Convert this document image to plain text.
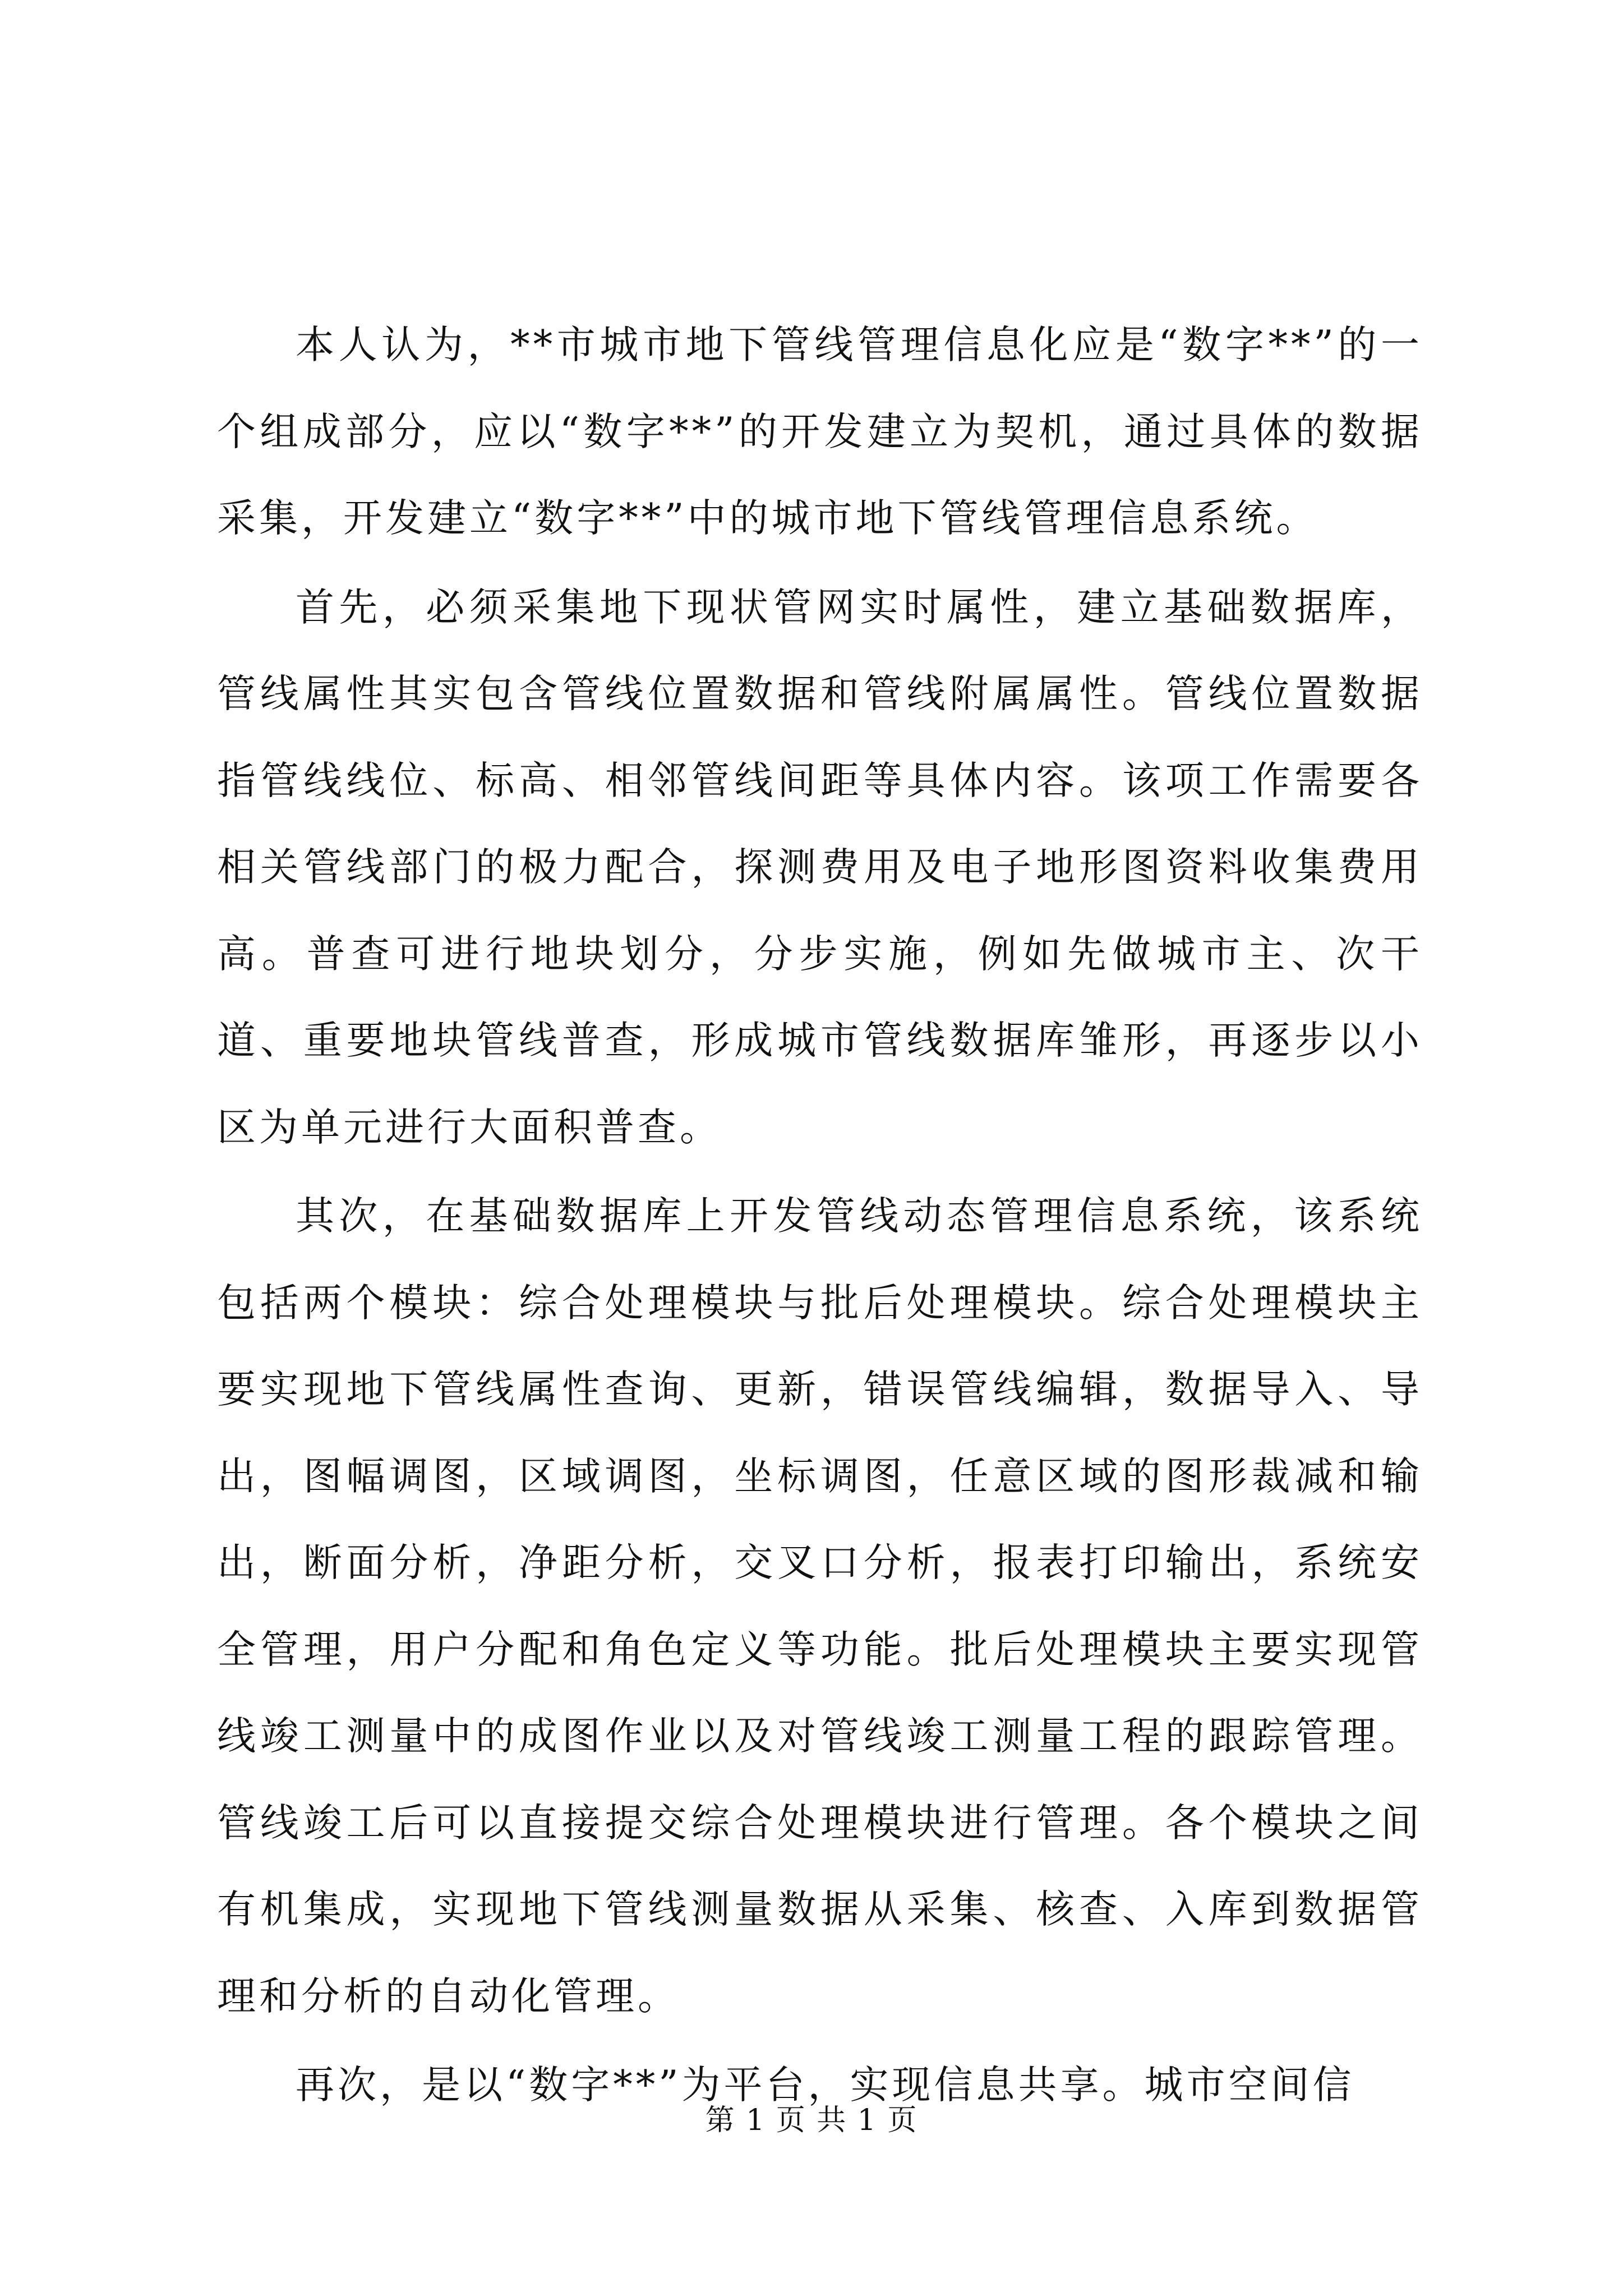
本人认为，**市城市地下管线管理信息化应是“数字**”的一个组成部分，应以“数字**”的开发建立为契机，通过具体的数据采集，开发建立“数字**”中的城市地下管线管理信息系统。

首先，必须采集地下现状管网实时属性，建立基础数据库，管线属性其实包含管线位置数据和管线附属属性。管线位置数据指管线线位、标高、相邻管线间距等具体内容。该项工作需要各相关管线部门的极力配合，探测费用及电子地形图资料收集费用高。普查可进行地块划分，分步实施，例如先做城市主、次干道、重要地块管线普查，形成城市管线数据库雏形，再逐步以小区为单元进行大面积普查。

其次，在基础数据库上开发管线动态管理信息系统，该系统包括两个模块：综合处理模块与批后处理模块。综合处理模块主要实现地下管线属性查询、更新，错误管线编辑，数据导入、导出，图幅调图，区域调图，坐标调图，任意区域的图形裁减和输出，断面分析，净距分析，交叉口分析，报表打印输出，系统安全管理，用户分配和角色定义等功能。批后处理模块主要实现管线竣工测量中的成图作业以及对管线竣工测量工程的跟踪管理。管线竣工后可以直接提交综合处理模块进行管理。各个模块之间有机集成，实现地下管线测量数据从采集、核查、入库到数据管理和分析的自动化管理。

再次，是以“数字**”为平台，实现信息共享。城市空间信

第 1 页 共 1 页
